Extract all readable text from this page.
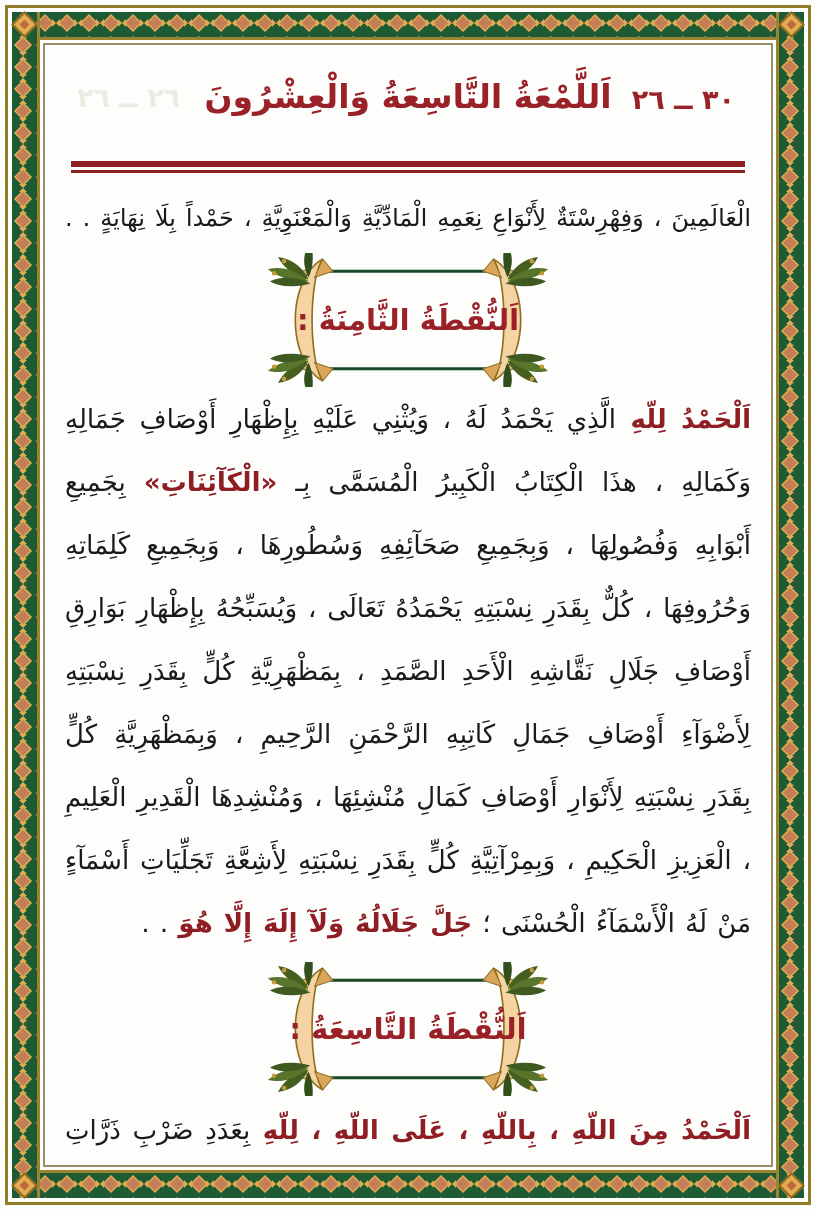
٢٦ ــ ٢٦ اَللَّمْعَةُ التَّاسِعَةُ وَالْعِشْرُونَ ٣٠ ــ ٢٦

الْعَالَمِينَ ، وَفِهْرِسْتَةٌ لِأَنْوَاعِ نِعَمِهِ الْمَادِّيَّةِ وَالْمَعْنَوِيَّةِ ، حَمْداً بِلَا نِهَايَةٍ . .

اَلنُّقْطَةُ الثَّامِنَةُ :

اَلْحَمْدُ لِلّهِ الَّذِي يَحْمَدُ لَهُ ، وَيُثْنِي عَلَيْهِ بِإِظْهَارِ أَوْصَافِ جَمَالِهِ وَكَمَالِهِ ، هذَا الْكِتَابُ الْكَبِيرُ الْمُسَمَّى بِـ «الْكَآئِنَاتِ» بِجَمِيعِ أَبْوَابِهِ وَفُصُولِهَا ، وَبِجَمِيعِ صَحَآئِفِهِ وَسُطُورِهَا ، وَبِجَمِيعِ كَلِمَاتِهِ وَحُرُوفِهَا ، كُلٌّ بِقَدَرِ نِسْبَتِهِ يَحْمَدُهُ تَعَالَى ، وَيُسَبِّحُهُ بِإِظْهَارِ بَوَارِقِ أَوْصَافِ جَلَالِ نَقَّاشِهِ الْأَحَدِ الصَّمَدِ ، بِمَظْهَرِيَّةِ كُلٍّ بِقَدَرِ نِسْبَتِهِ لِأَضْوَآءِ أَوْصَافِ جَمَالِ كَاتِبِهِ الرَّحْمَنِ الرَّحِيمِ ، وَبِمَظْهَرِيَّةِ كُلٍّ بِقَدَرِ نِسْبَتِهِ لِأَنْوَارِ أَوْصَافِ كَمَالِ مُنْشِئِهَا ، وَمُنْشِدِهَا الْقَدِيرِ الْعَلِيمِ ، الْعَزِيزِ الْحَكِيمِ ، وَبِمِرْآتِيَّةِ كُلٍّ بِقَدَرِ نِسْبَتِهِ لِأَشِعَّةِ تَجَلِّيَاتِ أَسْمَآءٍ مَنْ لَهُ الْأَسْمَآءُ الْحُسْنَى ؛ جَلَّ جَلَالُهُ وَلَآ إِلَهَ إِلَّا هُوَ . .

اَلنُّقْطَةُ التَّاسِعَةُ :

اَلْحَمْدُ مِنَ اللّهِ ، بِاللّهِ ، عَلَى اللّهِ ، لِلّهِ بِعَدَدِ ضَرْبِ ذَرَّاتِ
